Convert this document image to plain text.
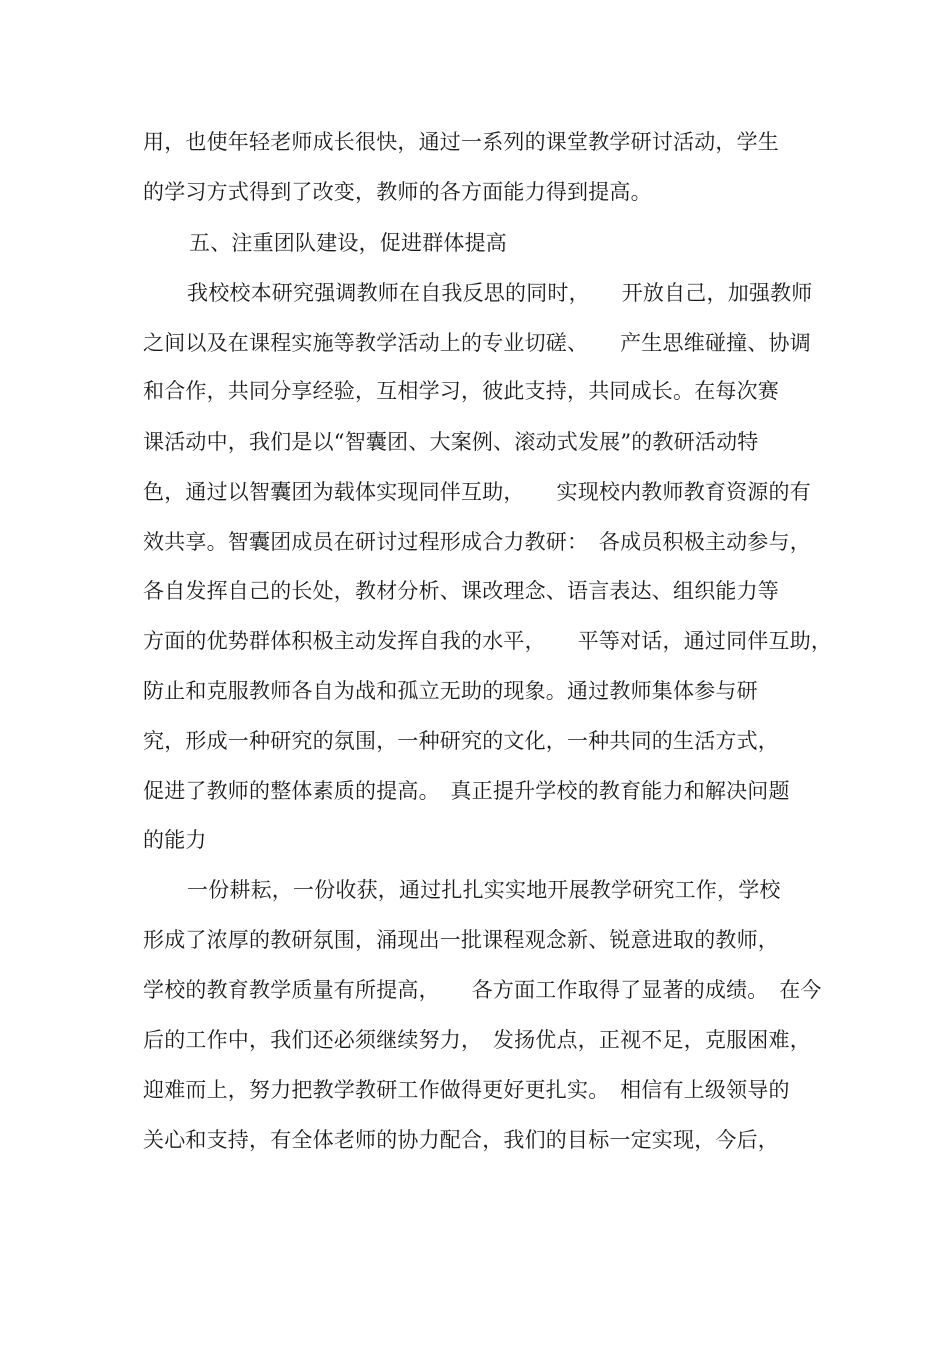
用，也使年轻老师成长很快，通过一系列的课堂教学研讨活动，学生
的学习方式得到了改变，教师的各方面能力得到提高。
五、注重团队建设，促进群体提高
我校校本研究强调教师在自我反思的同时，　　开放自己，加强教师
之间以及在课程实施等教学活动上的专业切磋、　　产生思维碰撞、协调
和合作，共同分享经验，互相学习，彼此支持，共同成长。在每次赛
课活动中，我们是以“智囊团、大案例、滚动式发展”的教研活动特
色，通过以智囊团为载体实现同伴互助，　　实现校内教师教育资源的有
效共享。智囊团成员在研讨过程形成合力教研：　各成员积极主动参与，
各自发挥自己的长处，教材分析、课改理念、语言表达、组织能力等
方面的优势群体积极主动发挥自我的水平，　　平等对话，通过同伴互助，
防止和克服教师各自为战和孤立无助的现象。通过教师集体参与研
究，形成一种研究的氛围，一种研究的文化，一种共同的生活方式，
促进了教师的整体素质的提高。　真正提升学校的教育能力和解决问题
的能力
一份耕耘，一份收获，通过扎扎实实地开展教学研究工作，学校
形成了浓厚的教研氛围，涌现出一批课程观念新、锐意进取的教师，
学校的教育教学质量有所提高，　　各方面工作取得了显著的成绩。　在今
后的工作中，我们还必须继续努力，　发扬优点，正视不足，克服困难，
迎难而上，努力把教学教研工作做得更好更扎实。　相信有上级领导的
关心和支持，有全体老师的协力配合，我们的目标一定实现，今后，
